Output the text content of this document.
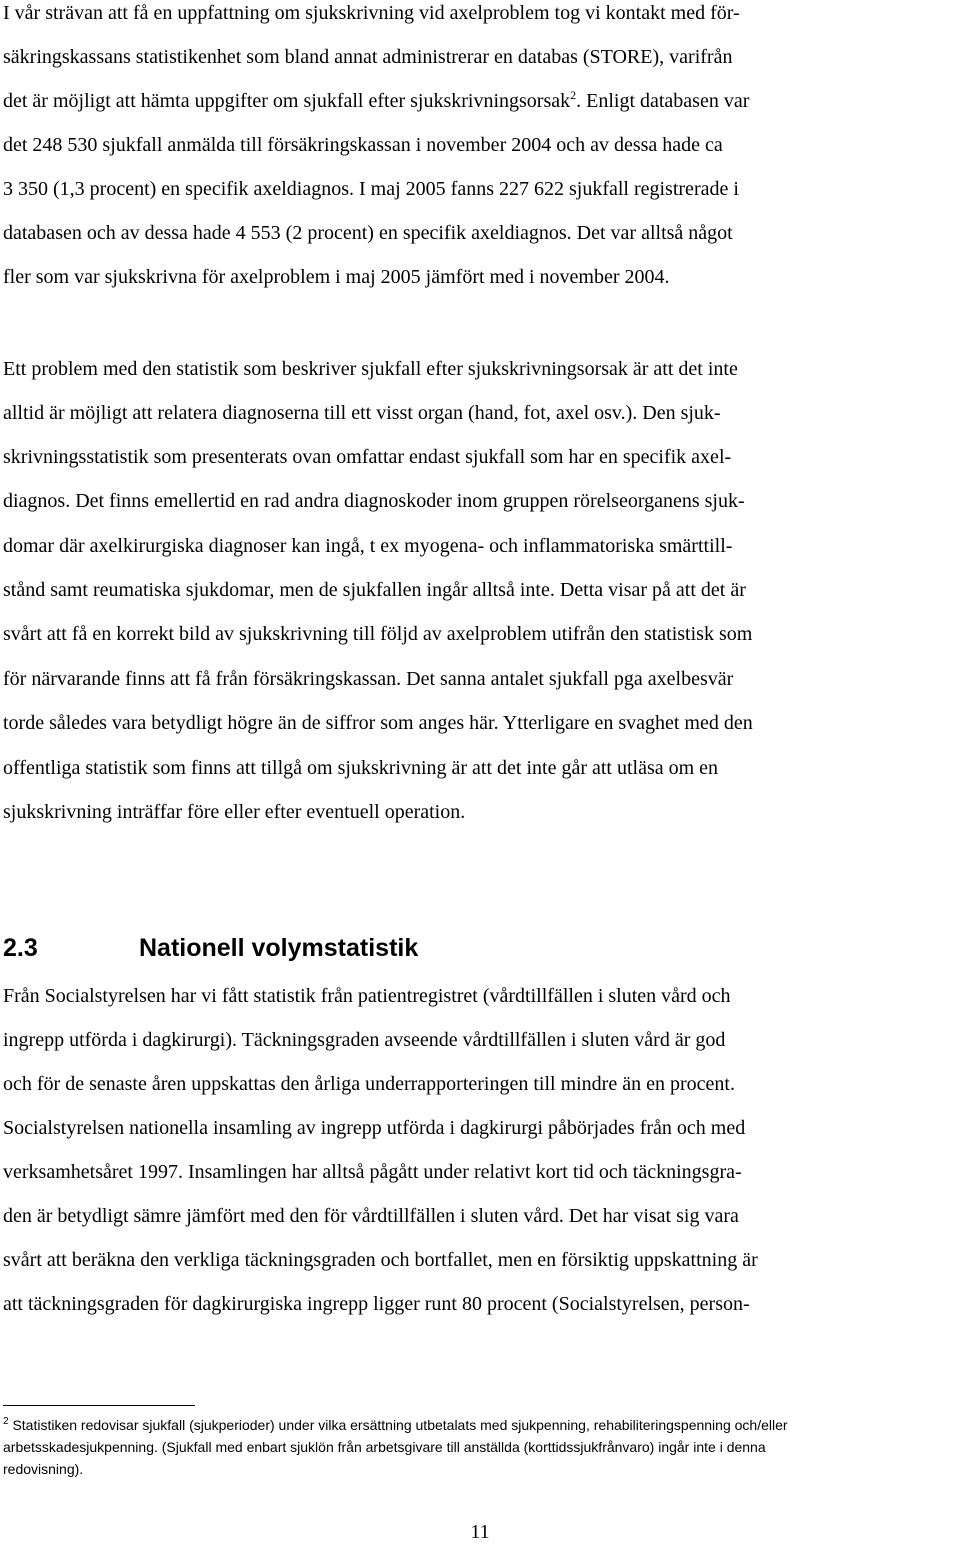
I vår strävan att få en uppfattning om sjukskrivning vid axelproblem tog vi kontakt med för-
säkringskassans statistikenhet som bland annat administrerar en databas (STORE), varifrån
det är möjligt att hämta uppgifter om sjukfall efter sjukskrivningsorsak$^2$. Enligt databasen var
det 248 530 sjukfall anmälda till försäkringskassan i november 2004 och av dessa hade ca
3 350 (1,3 procent) en specifik axeldiagnos. I maj 2005 fanns 227 622 sjukfall registrerade i
databasen och av dessa hade 4 553 (2 procent) en specifik axeldiagnos. Det var alltså något
fler som var sjukskrivna för axelproblem i maj 2005 jämfört med i november 2004.
Ett problem med den statistik som beskriver sjukfall efter sjukskrivningsorsak är att det inte
alltid är möjligt att relatera diagnoserna till ett visst organ (hand, fot, axel osv.). Den sjuk-
skrivningsstatistik som presenterats ovan omfattar endast sjukfall som har en specifik axel-
diagnos. Det finns emellertid en rad andra diagnoskoder inom gruppen rörelseorganens sjuk-
domar där axelkirurgiska diagnoser kan ingå, t ex myogena- och inflammatoriska smärttill-
stånd samt reumatiska sjukdomar, men de sjukfallen ingår alltså inte. Detta visar på att det är
svårt att få en korrekt bild av sjukskrivning till följd av axelproblem utifrån den statistisk som
för närvarande finns att få från försäkringskassan. Det sanna antalet sjukfall pga axelbesvär
torde således vara betydligt högre än de siffror som anges här. Ytterligare en svaghet med den
offentliga statistik som finns att tillgå om sjukskrivning är att det inte går att utläsa om en
sjukskrivning inträffar före eller efter eventuell operation.
2.3	Nationell volymstatistik
Från Socialstyrelsen har vi fått statistik från patientregistret (vårdtillfällen i sluten vård och
ingrepp utförda i dagkirurgi). Täckningsgraden avseende vårdtillfällen i sluten vård är god
och för de senaste åren uppskattas den årliga underrapporteringen till mindre än en procent.
Socialstyrelsen nationella insamling av ingrepp utförda i dagkirurgi påbörjades från och med
verksamhetsåret 1997. Insamlingen har alltså pågått under relativt kort tid och täckningsgra-
den är betydligt sämre jämfört med den för vårdtillfällen i sluten vård. Det har visat sig vara
svårt att beräkna den verkliga täckningsgraden och bortfallet, men en försiktig uppskattning är
att täckningsgraden för dagkirurgiska ingrepp ligger runt 80 procent (Socialstyrelsen, person-
$^2$ Statistiken redovisar sjukfall (sjukperioder) under vilka ersättning utbetalats med sjukpenning, rehabiliteringspenning och/eller
arbetsskadesjukpenning. (Sjukfall med enbart sjuklön från arbetsgivare till anställda (korttidssjukfrånvaro) ingår inte i denna
redovisning).
11
